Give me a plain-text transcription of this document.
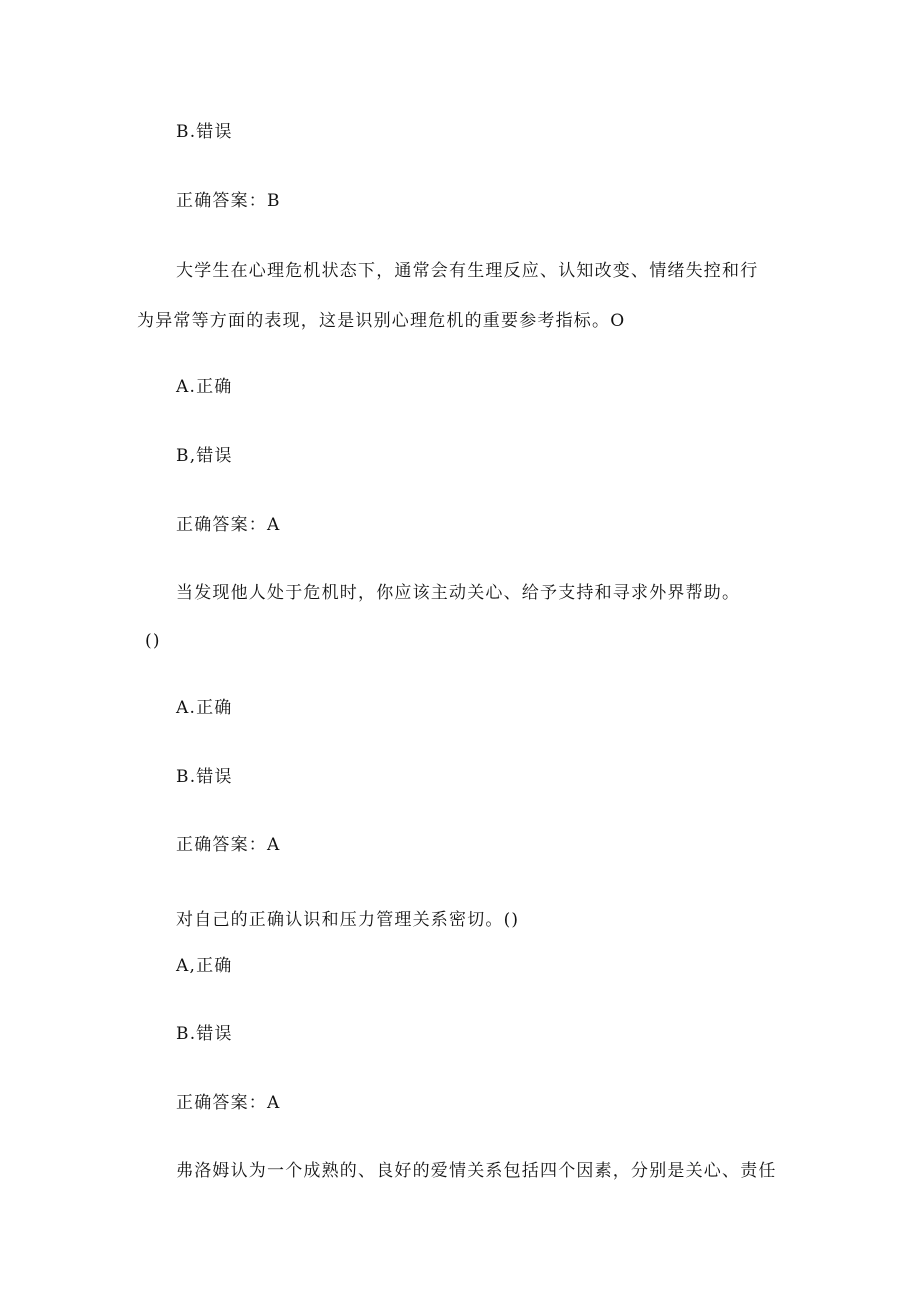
B.错误
正确答案：B
大学生在心理危机状态下，通常会有生理反应、认知改变、情绪失控和行
为异常等方面的表现，这是识别心理危机的重要参考指标。O
A.正确
B,错误
正确答案：A
当发现他人处于危机时，你应该主动关心、给予支持和寻求外界帮助。
()
A.正确
B.错误
正确答案：A
对自己的正确认识和压力管理关系密切。()
A,正确
B.错误
正确答案：A
弗洛姆认为一个成熟的、良好的爱情关系包括四个因素，分别是关心、责任
